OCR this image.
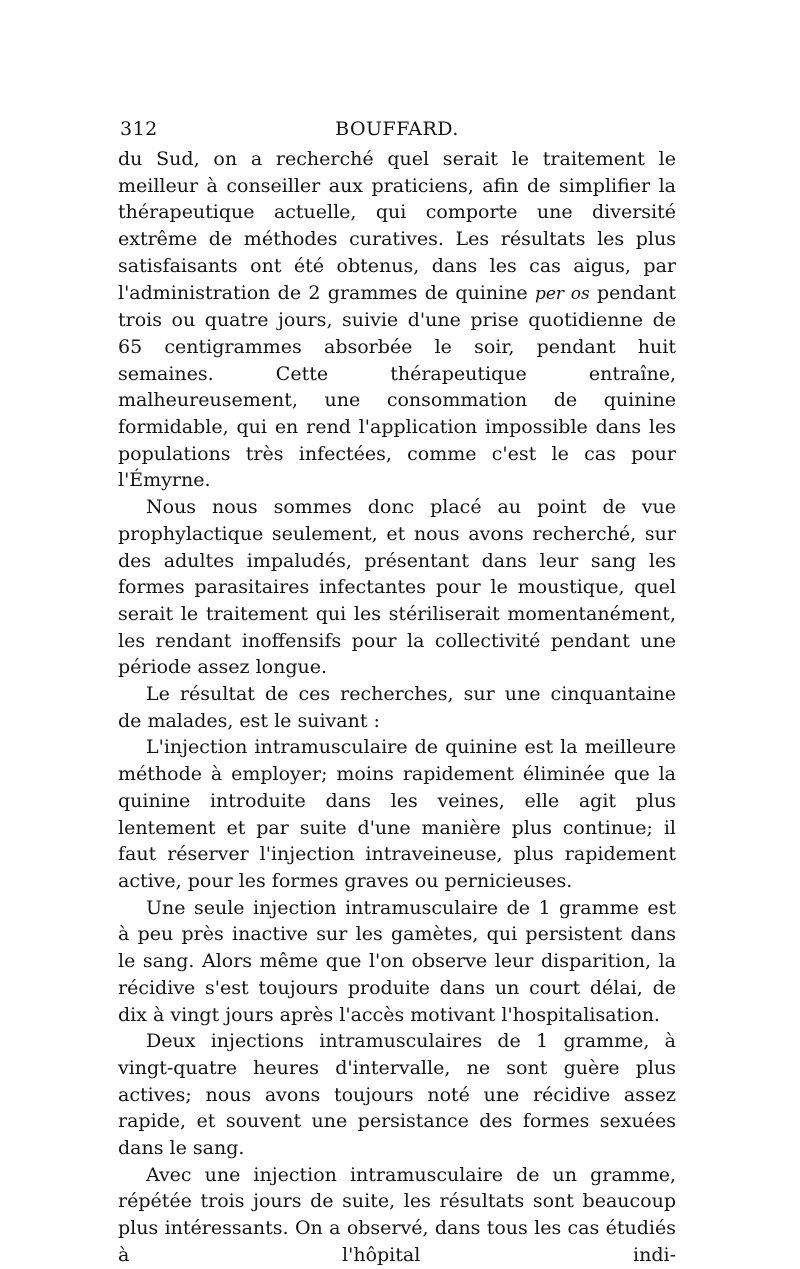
312	BOUFFARD.

du Sud, on a recherché quel serait le traitement le meilleur à conseiller aux praticiens, afin de simplifier la thérapeutique actuelle, qui comporte une diversité extrême de méthodes curatives. Les résultats les plus satisfaisants ont été obtenus, dans les cas aigus, par l'administration de 2 grammes de quinine per os pendant trois ou quatre jours, suivie d'une prise quotidienne de 65 centigrammes absorbée le soir, pendant huit semaines. Cette thérapeutique entraîne, malheureusement, une consommation de quinine formidable, qui en rend l'application impossible dans les populations très infectées, comme c'est le cas pour l'Émyrne.

Nous nous sommes donc placé au point de vue prophylactique seulement, et nous avons recherché, sur des adultes impaludés, présentant dans leur sang les formes parasitaires infectantes pour le moustique, quel serait le traitement qui les stériliserait momentanément, les rendant inoffensifs pour la collectivité pendant une période assez longue.

Le résultat de ces recherches, sur une cinquantaine de malades, est le suivant :

L'injection intramusculaire de quinine est la meilleure méthode à employer; moins rapidement éliminée que la quinine introduite dans les veines, elle agit plus lentement et par suite d'une manière plus continue; il faut réserver l'injection intraveineuse, plus rapidement active, pour les formes graves ou pernicieuses.

Une seule injection intramusculaire de 1 gramme est à peu près inactive sur les gamètes, qui persistent dans le sang. Alors même que l'on observe leur disparition, la récidive s'est toujours produite dans un court délai, de dix à vingt jours après l'accès motivant l'hospitalisation.

Deux injections intramusculaires de 1 gramme, à vingt-quatre heures d'intervalle, ne sont guère plus actives; nous avons toujours noté une récidive assez rapide, et souvent une persistance des formes sexuées dans le sang.

Avec une injection intramusculaire de un gramme, répétée trois jours de suite, les résultats sont beaucoup plus intéressants. On a observé, dans tous les cas étudiés à l'hôpital indi-
